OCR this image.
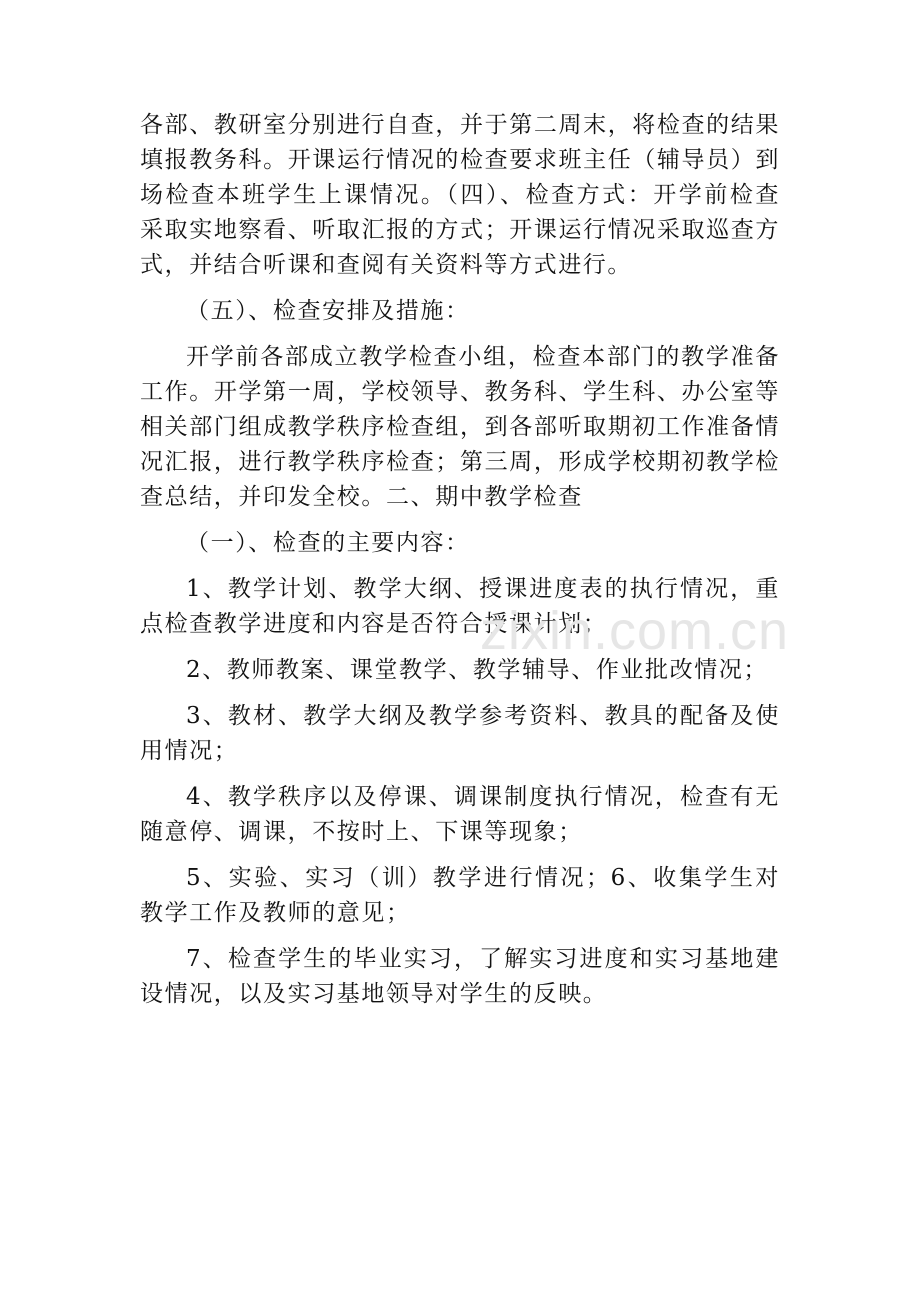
各部、教研室分别进行自查，并于第二周末，将检查的结果填报教务科。开课运行情况的检查要求班主任（辅导员）到场检查本班学生上课情况。（四）、检查方式：开学前检查采取实地察看、听取汇报的方式；开课运行情况采取巡查方式，并结合听课和查阅有关资料等方式进行。

（五）、检查安排及措施：

开学前各部成立教学检查小组，检查本部门的教学准备工作。开学第一周，学校领导、教务科、学生科、办公室等相关部门组成教学秩序检查组，到各部听取期初工作准备情况汇报，进行教学秩序检查；第三周，形成学校期初教学检查总结，并印发全校。二、期中教学检查

（一）、检查的主要内容：

1、教学计划、教学大纲、授课进度表的执行情况，重点检查教学进度和内容是否符合授课计划；

2、教师教案、课堂教学、教学辅导、作业批改情况；

3、教材、教学大纲及教学参考资料、教具的配备及使用情况；

4、教学秩序以及停课、调课制度执行情况，检查有无随意停、调课，不按时上、下课等现象；

5、实验、实习（训）教学进行情况；6、收集学生对教学工作及教师的意见；

7、检查学生的毕业实习，了解实习进度和实习基地建设情况，以及实习基地领导对学生的反映。

zixin.com.cn
